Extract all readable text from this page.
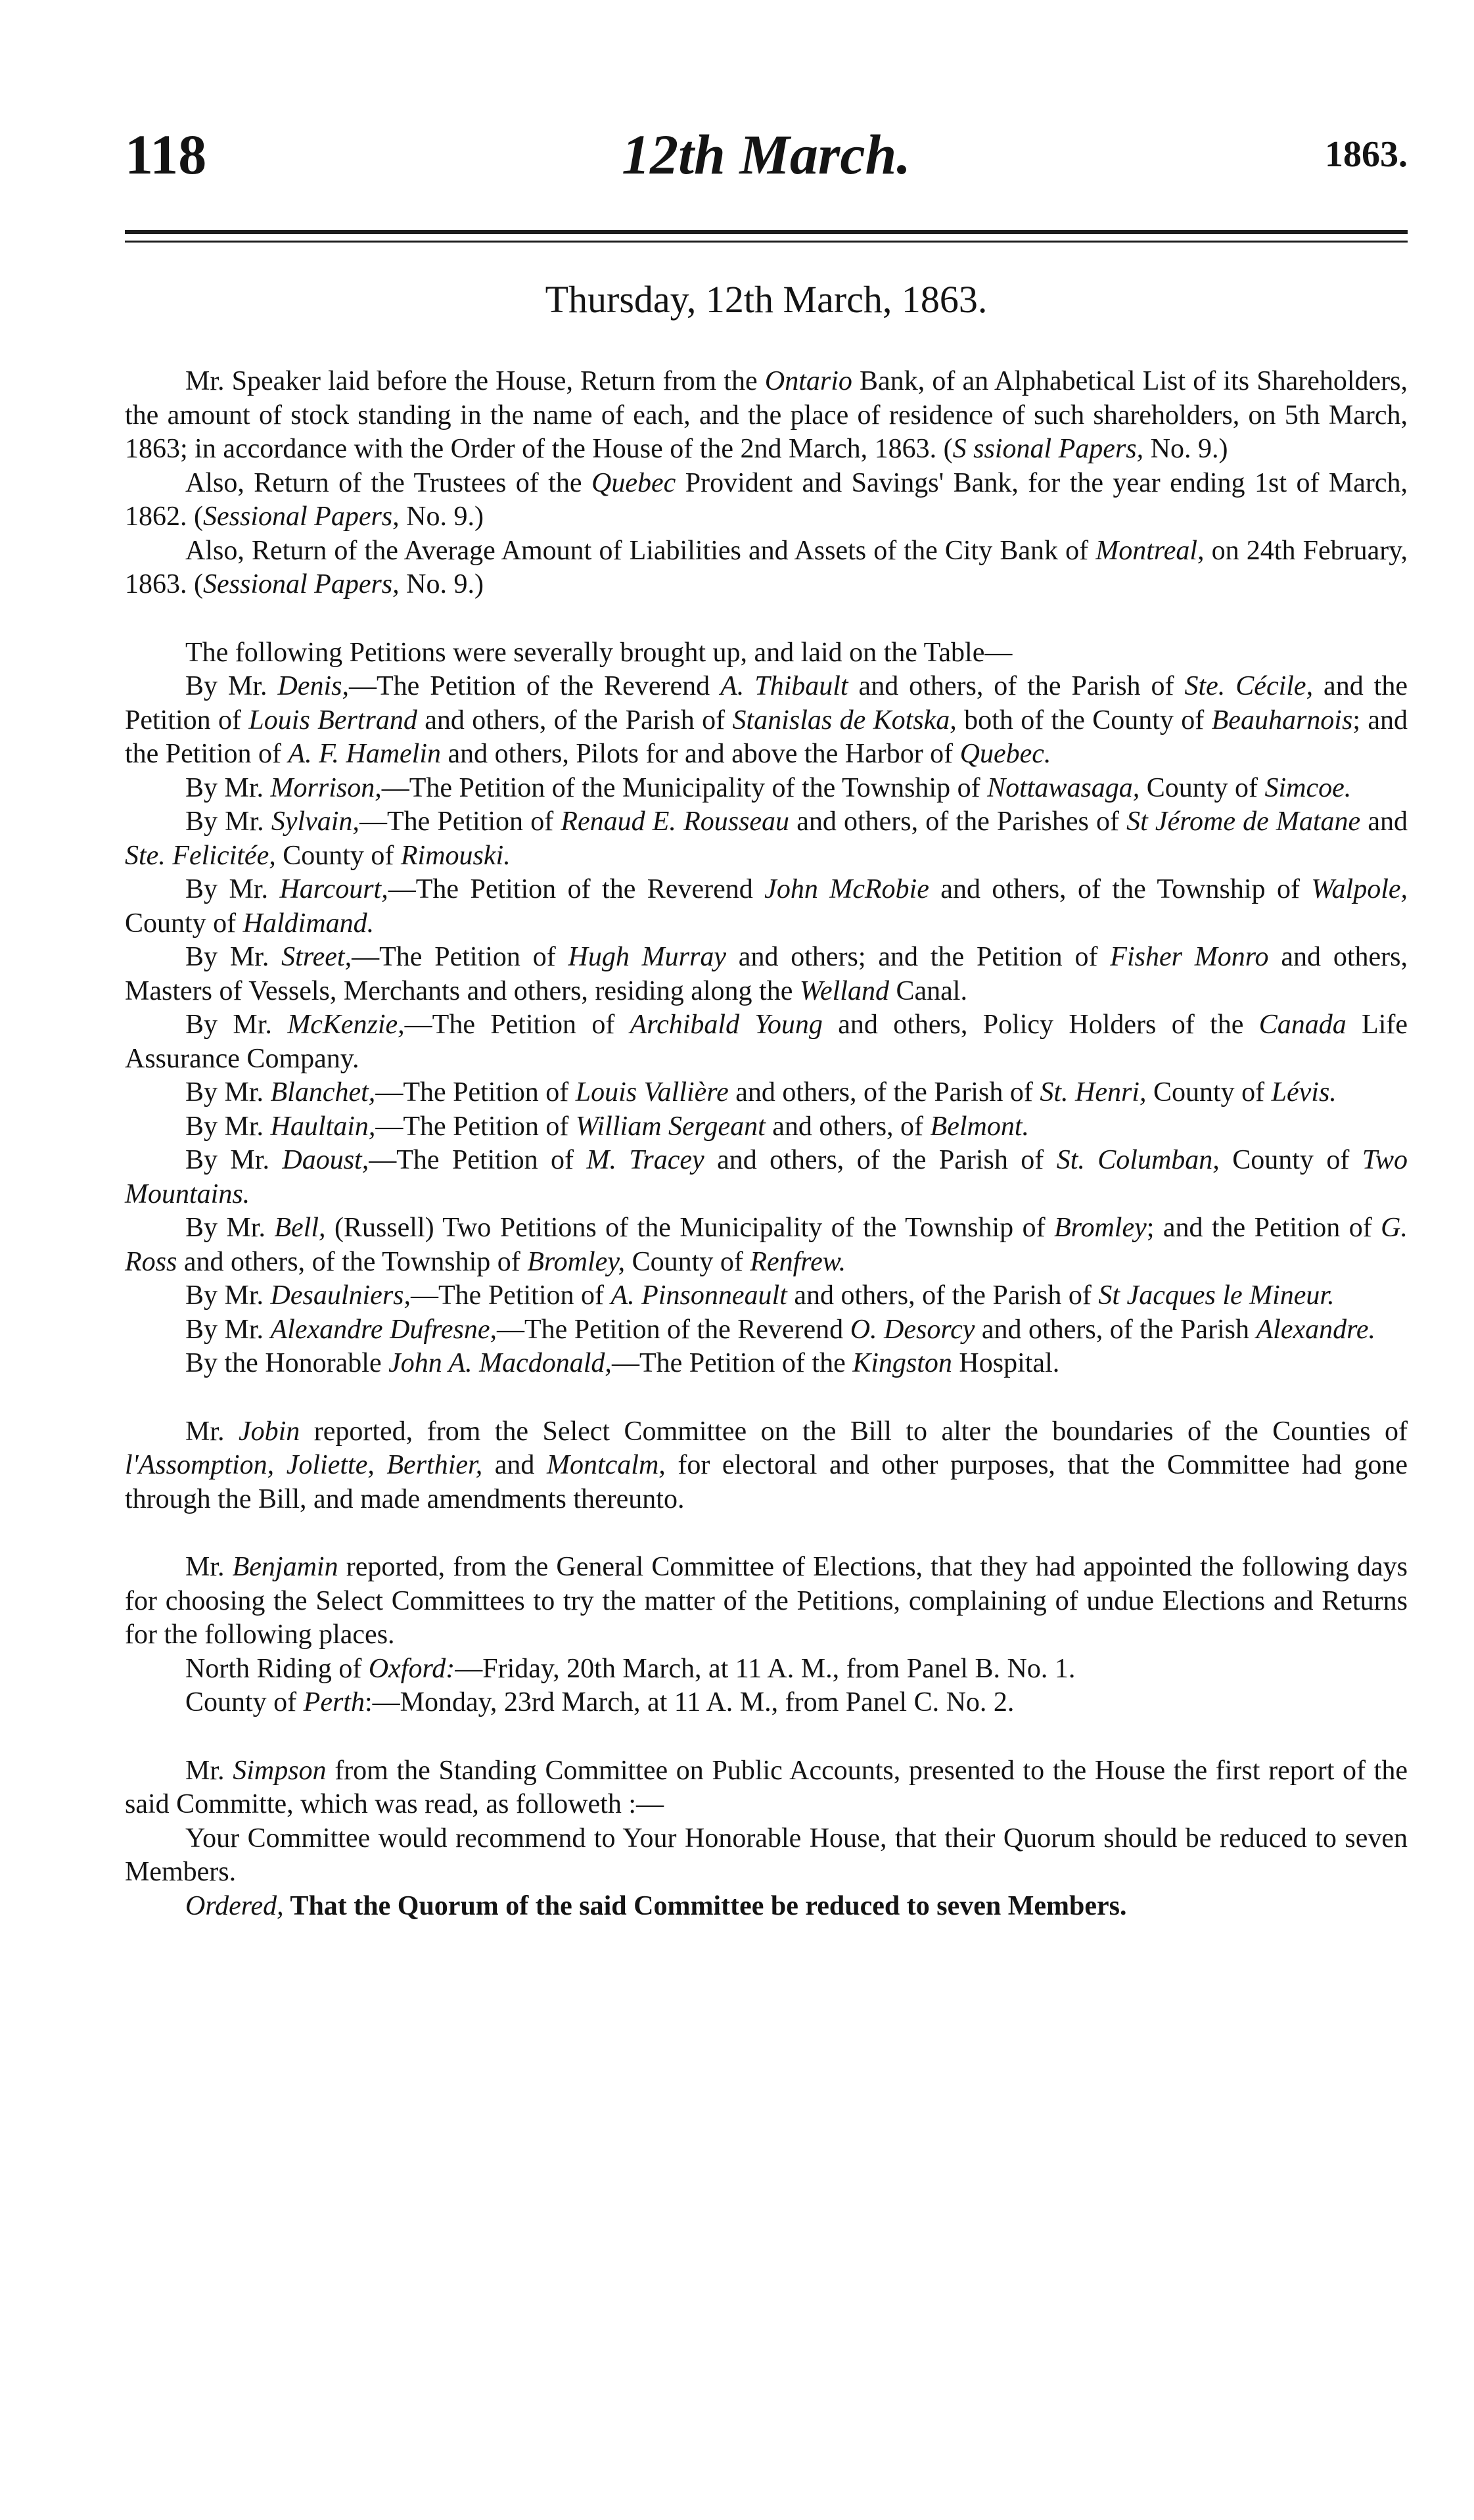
118	12th March.	1863.
Thursday, 12th March, 1863.

Mr. Speaker laid before the House, Return from the Ontario Bank, of an Alphabetical List of its Shareholders, the amount of stock standing in the name of each, and the place of residence of such shareholders, on 5th March, 1863; in accordance with the Order of the House of the 2nd March, 1863. (S ssional Papers, No. 9.)

Also, Return of the Trustees of the Quebec Provident and Savings' Bank, for the year ending 1st of March, 1862. (Sessional Papers, No. 9.)

Also, Return of the Average Amount of Liabilities and Assets of the City Bank of Montreal, on 24th February, 1863. (Sessional Papers, No. 9.)

The following Petitions were severally brought up, and laid on the Table—

By Mr. Denis,—The Petition of the Reverend A. Thibault and others, of the Parish of Ste. Cécile, and the Petition of Louis Bertrand and others, of the Parish of Stanislas de Kotska, both of the County of Beauharnois; and the Petition of A. F. Hamelin and others, Pilots for and above the Harbor of Quebec.

By Mr. Morrison,—The Petition of the Municipality of the Township of Nottawasaga, County of Simcoe.

By Mr. Sylvain,—The Petition of Renaud E. Rousseau and others, of the Parishes of St Jérome de Matane and Ste. Felicitée, County of Rimouski.

By Mr. Harcourt,—The Petition of the Reverend John McRobie and others, of the Township of Walpole, County of Haldimand.

By Mr. Street,—The Petition of Hugh Murray and others; and the Petition of Fisher Monro and others, Masters of Vessels, Merchants and others, residing along the Welland Canal.

By Mr. McKenzie,—The Petition of Archibald Young and others, Policy Holders of the Canada Life Assurance Company.

By Mr. Blanchet,—The Petition of Louis Vallière and others, of the Parish of St. Henri, County of Lévis.

By Mr. Haultain,—The Petition of William Sergeant and others, of Belmont.

By Mr. Daoust,—The Petition of M. Tracey and others, of the Parish of St. Columban, County of Two Mountains.

By Mr. Bell, (Russell) Two Petitions of the Municipality of the Township of Bromley; and the Petition of G. Ross and others, of the Township of Bromley, County of Renfrew.

By Mr. Desaulniers,—The Petition of A. Pinsonneault and others, of the Parish of St Jacques le Mineur.

By Mr. Alexandre Dufresne,—The Petition of the Reverend O. Desorcy and others, of the Parish Alexandre.

By the Honorable John A. Macdonald,—The Petition of the Kingston Hospital.

Mr. Jobin reported, from the Select Committee on the Bill to alter the boundaries of the Counties of l'Assomption, Joliette, Berthier, and Montcalm, for electoral and other purposes, that the Committee had gone through the Bill, and made amendments thereunto.

Mr. Benjamin reported, from the General Committee of Elections, that they had appointed the following days for choosing the Select Committees to try the matter of the Petitions, complaining of undue Elections and Returns for the following places.

North Riding of Oxford:—Friday, 20th March, at 11 A. M., from Panel B. No. 1.

County of Perth:—Monday, 23rd March, at 11 A. M., from Panel C. No. 2.

Mr. Simpson from the Standing Committee on Public Accounts, presented to the House the first report of the said Committe, which was read, as followeth :—

Your Committee would recommend to Your Honorable House, that their Quorum should be reduced to seven Members.

Ordered, That the Quorum of the said Committee be reduced to seven Members.
